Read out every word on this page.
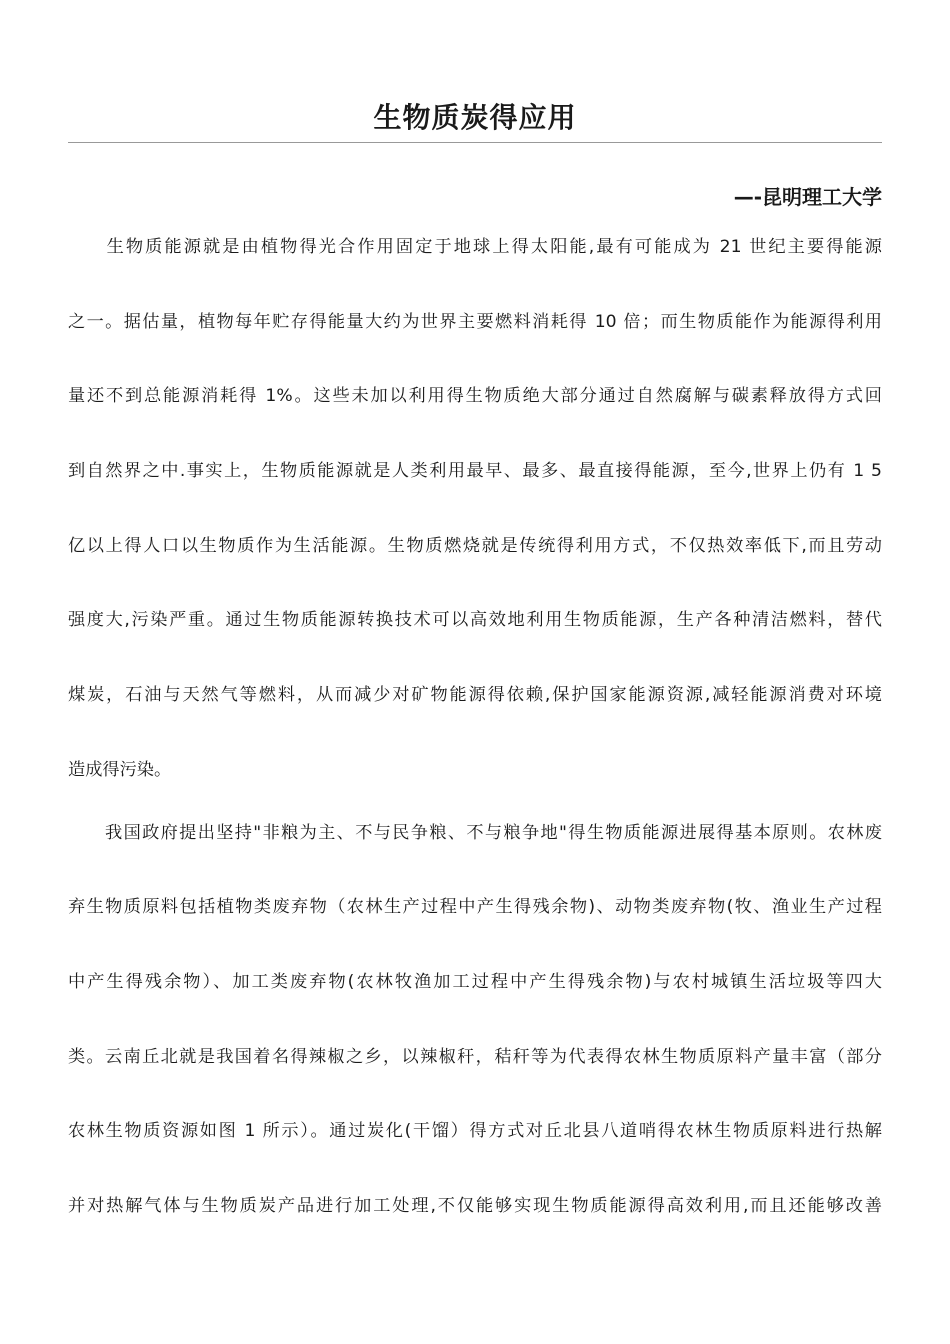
生物质炭得应用
—-昆明理工大学
　　生物质能源就是由植物得光合作用固定于地球上得太阳能,最有可能成为 21 世纪主要得能源
之一。据估量，植物每年贮存得能量大约为世界主要燃料消耗得 10 倍；而生物质能作为能源得利用
量还不到总能源消耗得 1%。这些未加以利用得生物质绝大部分通过自然腐解与碳素释放得方式回
到自然界之中.事实上，生物质能源就是人类利用最早、最多、最直接得能源，至今,世界上仍有 1 5
亿以上得人口以生物质作为生活能源。生物质燃烧就是传统得利用方式，不仅热效率低下,而且劳动
强度大,污染严重。通过生物质能源转换技术可以高效地利用生物质能源，生产各种清洁燃料，替代
煤炭，石油与天然气等燃料，从而减少对矿物能源得依赖,保护国家能源资源,减轻能源消费对环境
造成得污染。
　　我国政府提出坚持"非粮为主、不与民争粮、不与粮争地"得生物质能源进展得基本原则。农林废
弃生物质原料包括植物类废弃物（农林生产过程中产生得残余物)、动物类废弃物(牧、渔业生产过程
中产生得残余物）、加工类废弃物(农林牧渔加工过程中产生得残余物)与农村城镇生活垃圾等四大
类。云南丘北就是我国着名得辣椒之乡，以辣椒秆，秸秆等为代表得农林生物质原料产量丰富（部分
农林生物质资源如图 1 所示）。通过炭化(干馏）得方式对丘北县八道哨得农林生物质原料进行热解
并对热解气体与生物质炭产品进行加工处理,不仅能够实现生物质能源得高效利用,而且还能够改善
